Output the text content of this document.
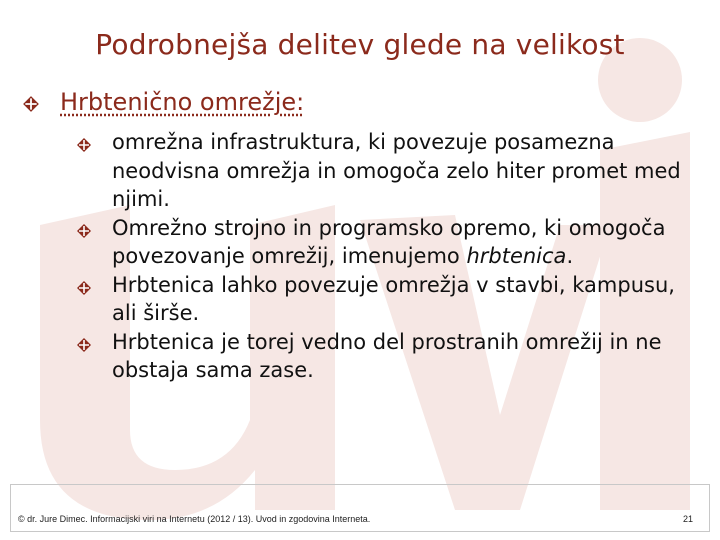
Podrobnejša delitev glede na velikost
Hrbtenično omrežje:
omrežna infrastruktura, ki povezuje posamezna neodvisna omrežja in omogoča zelo hiter promet med njimi.
Omrežno strojno in programsko opremo, ki omogoča povezovanje omrežij, imenujemo hrbtenica.
Hrbtenica lahko povezuje omrežja v stavbi, kampusu, ali širše.
Hrbtenica je torej vedno del prostranih omrežij in ne obstaja sama zase.
© dr. Jure Dimec. Informacijski viri na Internetu (2012 / 13). Uvod in zgodovina Interneta.	21
